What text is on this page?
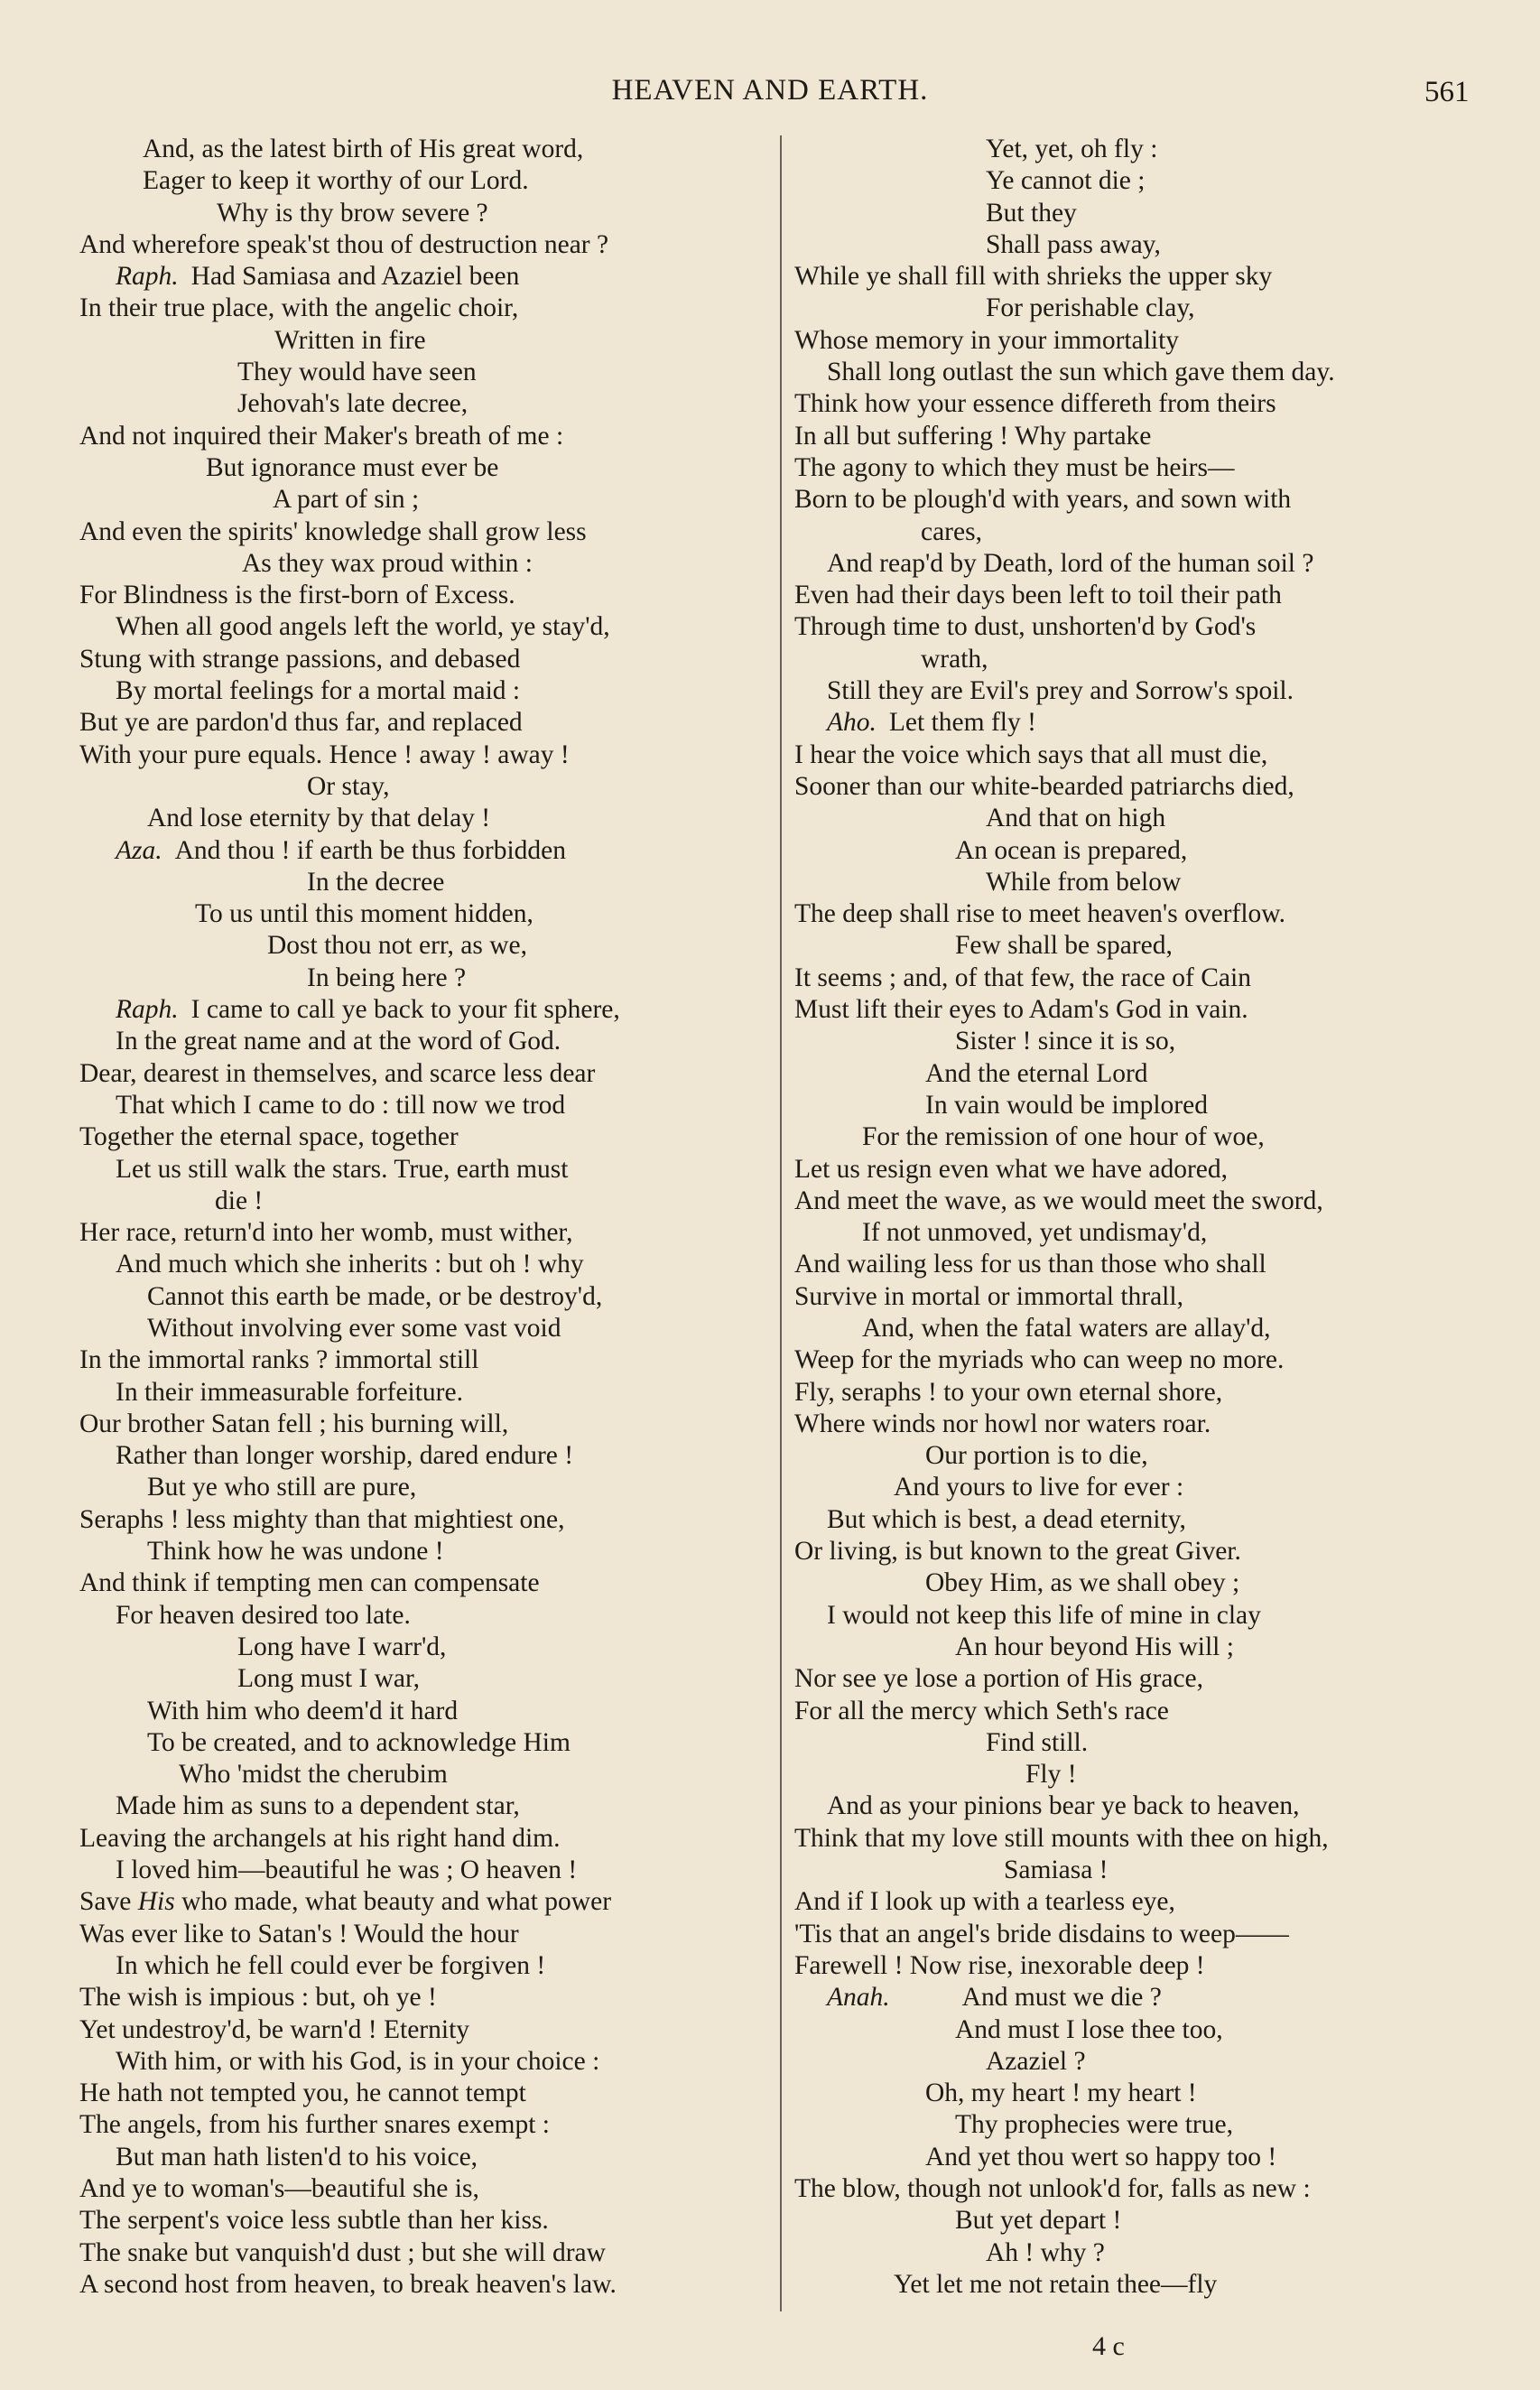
HEAVEN AND EARTH.	561
And, as the latest birth of His great word,
Eager to keep it worthy of our Lord.
Why is thy brow severe ?
And wherefore speak'st thou of destruction near ?
Raph. Had Samiasa and Azaziel been
In their true place, with the angelic choir,
Written in fire
They would have seen
Jehovah's late decree,
And not inquired their Maker's breath of me :
But ignorance must ever be
A part of sin ;
And even the spirits' knowledge shall grow less
As they wax proud within :
For Blindness is the first-born of Excess.
When all good angels left the world, ye stay'd,
Stung with strange passions, and debased
By mortal feelings for a mortal maid :
But ye are pardon'd thus far, and replaced
With your pure equals. Hence ! away ! away !
Or stay,
And lose eternity by that delay !
Aza. And thou ! if earth be thus forbidden
In the decree
To us until this moment hidden,
Dost thou not err, as we,
In being here ?
Raph. I came to call ye back to your fit sphere,
In the great name and at the word of God.
Dear, dearest in themselves, and scarce less dear
That which I came to do : till now we trod
Together the eternal space, together
Let us still walk the stars. True, earth must
die !
Her race, return'd into her womb, must wither,
And much which she inherits : but oh ! why
Cannot this earth be made, or be destroy'd,
Without involving ever some vast void
In the immortal ranks ? immortal still
In their immeasurable forfeiture.
Our brother Satan fell ; his burning will,
Rather than longer worship, dared endure !
But ye who still are pure,
Seraphs ! less mighty than that mightiest one,
Think how he was undone !
And think if tempting men can compensate
For heaven desired too late.
Long have I warr'd,
Long must I war,
With him who deem'd it hard
To be created, and to acknowledge Him
Who 'midst the cherubim
Made him as suns to a dependent star,
Leaving the archangels at his right hand dim.
I loved him—beautiful he was ; O heaven !
Save His who made, what beauty and what power
Was ever like to Satan's ! Would the hour
In which he fell could ever be forgiven !
The wish is impious : but, oh ye !
Yet undestroy'd, be warn'd ! Eternity
With him, or with his God, is in your choice :
He hath not tempted you, he cannot tempt
The angels, from his further snares exempt :
But man hath listen'd to his voice,
And ye to woman's—beautiful she is,
The serpent's voice less subtle than her kiss.
The snake but vanquish'd dust ; but she will draw
A second host from heaven, to break heaven's law.
Yet, yet, oh fly :
Ye cannot die ;
But they
Shall pass away,
While ye shall fill with shrieks the upper sky
For perishable clay,
Whose memory in your immortality
Shall long outlast the sun which gave them day.
Think how your essence differeth from theirs
In all but suffering ! Why partake
The agony to which they must be heirs—
Born to be plough'd with years, and sown with
cares,
And reap'd by Death, lord of the human soil ?
Even had their days been left to toil their path
Through time to dust, unshorten'd by God's
wrath,
Still they are Evil's prey and Sorrow's spoil.
Aho. Let them fly !
I hear the voice which says that all must die,
Sooner than our white-bearded patriarchs died,
And that on high
An ocean is prepared,
While from below
The deep shall rise to meet heaven's overflow.
Few shall be spared,
It seems ; and, of that few, the race of Cain
Must lift their eyes to Adam's God in vain.
Sister ! since it is so,
And the eternal Lord
In vain would be implored
For the remission of one hour of woe,
Let us resign even what we have adored,
And meet the wave, as we would meet the sword,
If not unmoved, yet undismay'd,
And wailing less for us than those who shall
Survive in mortal or immortal thrall,
And, when the fatal waters are allay'd,
Weep for the myriads who can weep no more.
Fly, seraphs ! to your own eternal shore,
Where winds nor howl nor waters roar.
Our portion is to die,
And yours to live for ever :
But which is best, a dead eternity,
Or living, is but known to the great Giver.
Obey Him, as we shall obey ;
I would not keep this life of mine in clay
An hour beyond His will ;
Nor see ye lose a portion of His grace,
For all the mercy which Seth's race
Find still.
Fly !
And as your pinions bear ye back to heaven,
Think that my love still mounts with thee on high,
Samiasa !
And if I look up with a tearless eye,
'Tis that an angel's bride disdains to weep——
Farewell ! Now rise, inexorable deep !
Anah.	And must we die ?
And must I lose thee too,
Azaziel ?
Oh, my heart ! my heart !
Thy prophecies were true,
And yet thou wert so happy too !
The blow, though not unlook'd for, falls as new :
But yet depart !
Ah ! why ?
Yet let me not retain thee—fly
4 c
